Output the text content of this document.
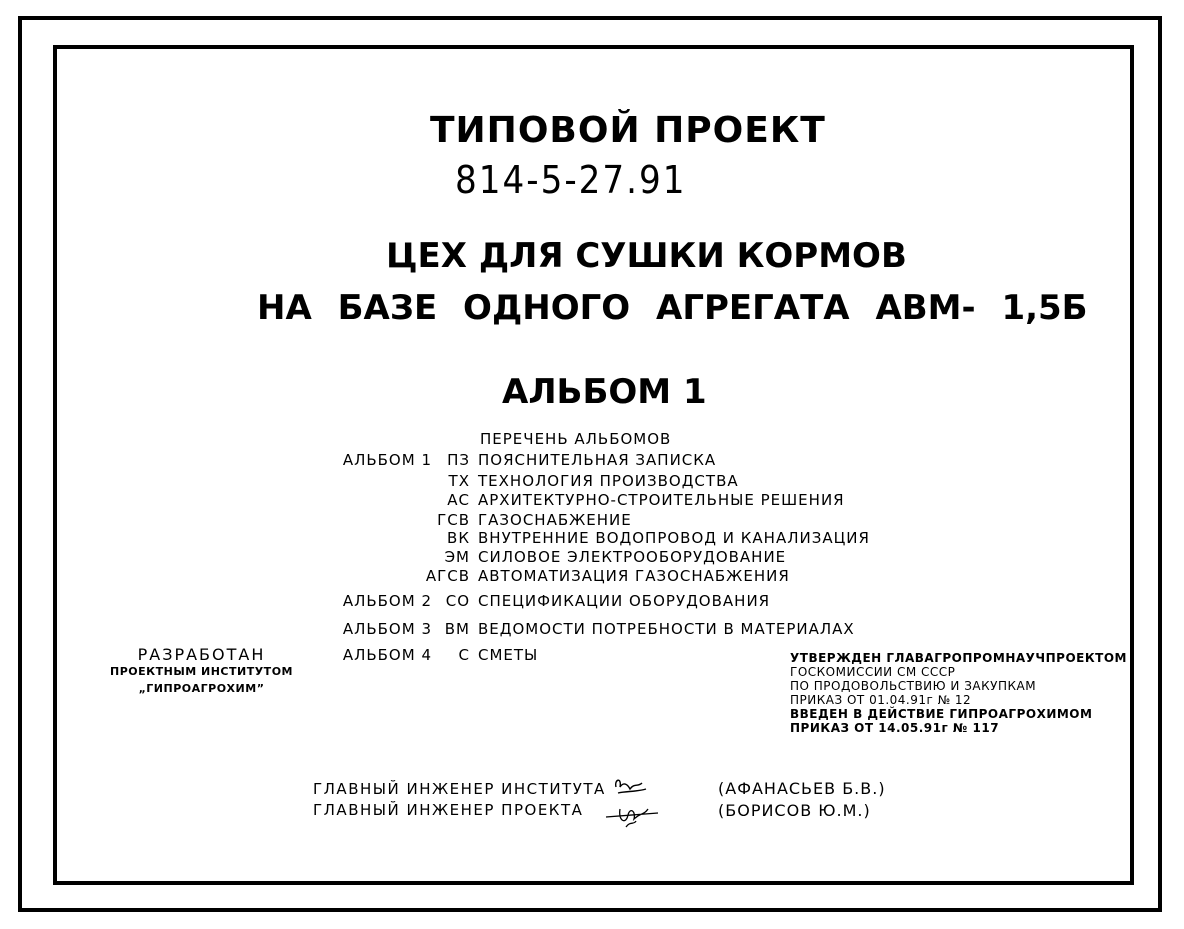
ТИПОВОЙ ПРОЕКТ
814-5-27.91
ЦЕХ ДЛЯ СУШКИ КОРМОВ
НА БАЗЕ ОДНОГО АГРЕГАТА АВМ- 1,5Б
АЛЬБОМ 1
ПЕРЕЧЕНЬ АЛЬБОМОВ
АЛЬБОМ 1 ПЗ ПОЯСНИТЕЛЬНАЯ ЗАПИСКА
ТХ ТЕХНОЛОГИЯ ПРОИЗВОДСТВА
АС АРХИТЕКТУРНО-СТРОИТЕЛЬНЫЕ РЕШЕНИЯ
ГСВ ГАЗОСНАБЖЕНИЕ
ВК ВНУТРЕННИЕ ВОДОПРОВОД И КАНАЛИЗАЦИЯ
ЭМ СИЛОВОЕ ЭЛЕКТРООБОРУДОВАНИЕ
АГСВ АВТОМАТИЗАЦИЯ ГАЗОСНАБЖЕНИЯ
АЛЬБОМ 2 СО СПЕЦИФИКАЦИИ ОБОРУДОВАНИЯ
АЛЬБОМ 3 ВМ ВЕДОМОСТИ ПОТРЕБНОСТИ В МАТЕРИАЛАХ
АЛЬБОМ 4 С СМЕТЫ
РАЗРАБОТАН
ПРОЕКТНЫМ ИНСТИТУТОМ
„ГИПРОАГРОХИМ”
УТВЕРЖДЕН ГЛАВАГРОПРОМНАУЧПРОЕКТОМ
ГОСКОМИССИИ СМ СССР
ПО ПРОДОВОЛЬСТВИЮ И ЗАКУПКАМ
ПРИКАЗ ОТ 01.04.91г № 12
ВВЕДЕН В ДЕЙСТВИЕ ГИПРОАГРОХИМОМ
ПРИКАЗ ОТ 14.05.91г № 117
ГЛАВНЫЙ ИНЖЕНЕР ИНСТИТУТА
ГЛАВНЫЙ ИНЖЕНЕР ПРОЕКТА
(АФАНАСЬЕВ Б.В.)
(БОРИСОВ Ю.М.)
